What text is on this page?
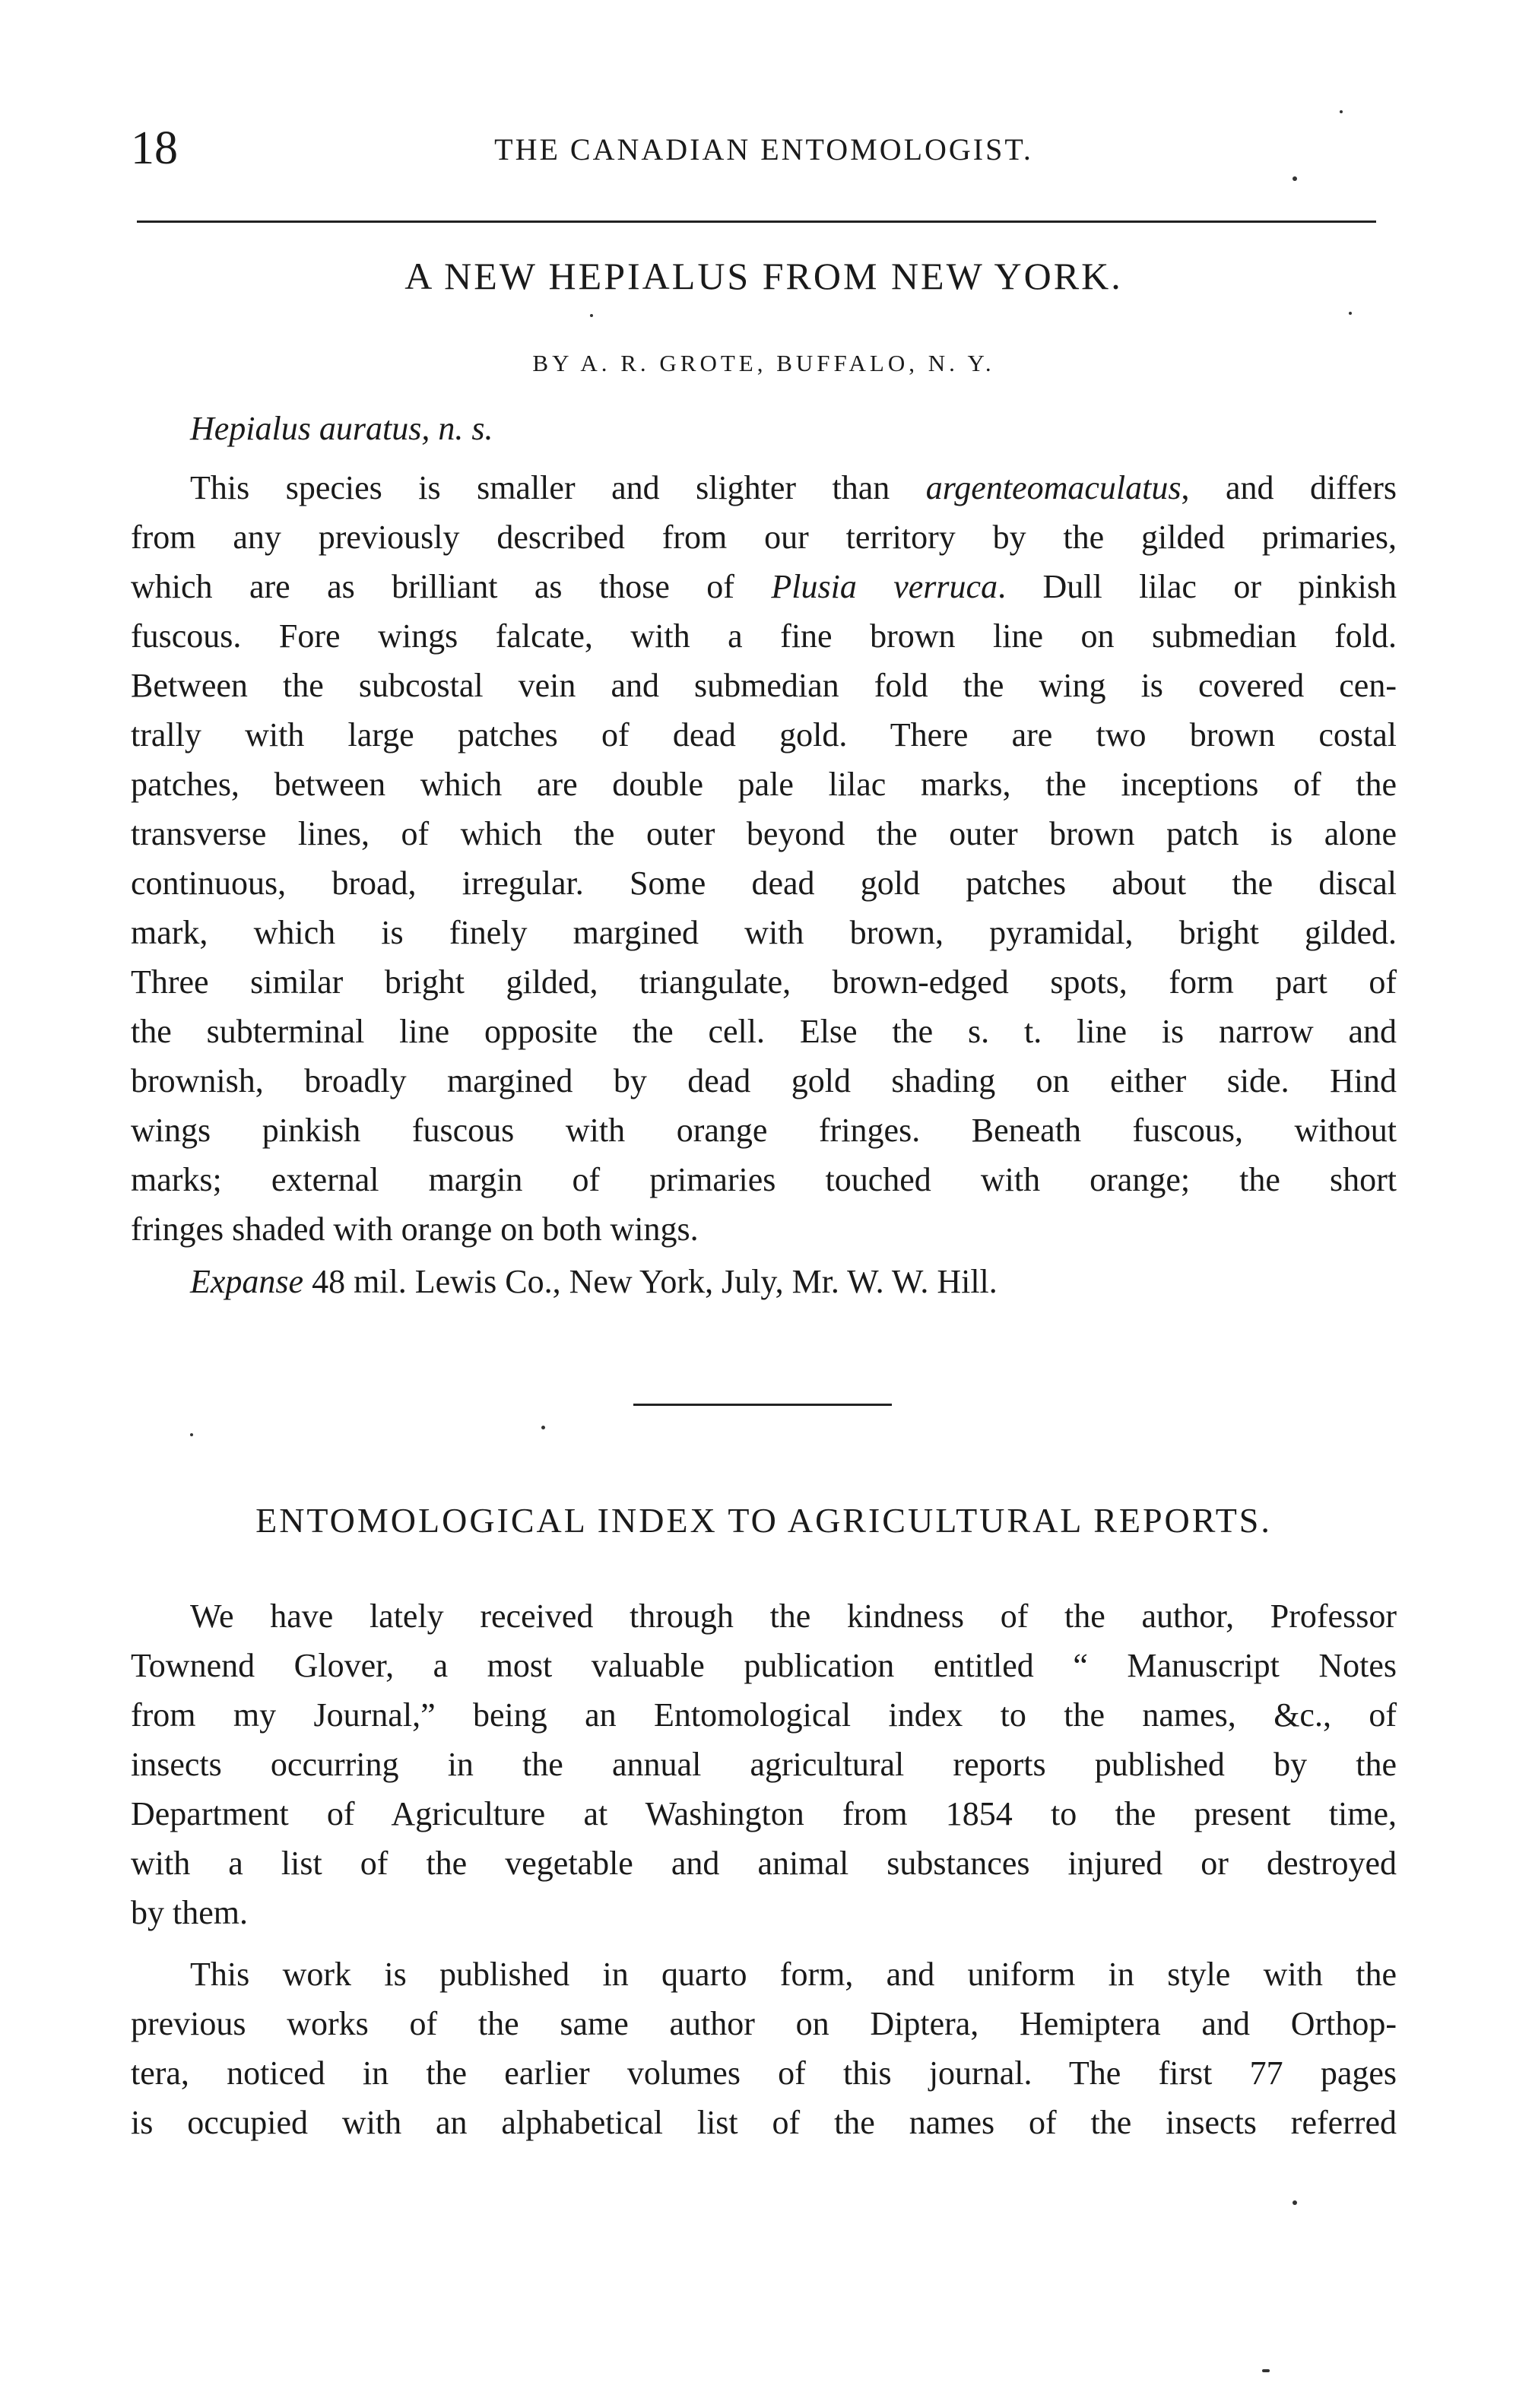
18	THE CANADIAN ENTOMOLOGIST.
A NEW HEPIALUS FROM NEW YORK.
BY A. R. GROTE, BUFFALO, N. Y.
Hepialus auratus, n. s.
This species is smaller and slighter than argenteomaculatus, and differs
from any previously described from our territory by the gilded primaries,
which are as brilliant as those of Plusia verruca. Dull lilac or pinkish
fuscous. Fore wings falcate, with a fine brown line on submedian fold.
Between the subcostal vein and submedian fold the wing is covered cen-
trally with large patches of dead gold. There are two brown costal
patches, between which are double pale lilac marks, the inceptions of the
transverse lines, of which the outer beyond the outer brown patch is alone
continuous, broad, irregular. Some dead gold patches about the discal
mark, which is finely margined with brown, pyramidal, bright gilded.
Three similar bright gilded, triangulate, brown-edged spots, form part of
the subterminal line opposite the cell. Else the s. t. line is narrow and
brownish, broadly margined by dead gold shading on either side. Hind
wings pinkish fuscous with orange fringes. Beneath fuscous, without
marks; external margin of primaries touched with orange; the short
fringes shaded with orange on both wings.
Expanse 48 mil. Lewis Co., New York, July, Mr. W. W. Hill.
ENTOMOLOGICAL INDEX TO AGRICULTURAL REPORTS.
We have lately received through the kindness of the author, Professor
Townend Glover, a most valuable publication entitled “ Manuscript Notes
from my Journal,” being an Entomological index to the names, &c., of
insects occurring in the annual agricultural reports published by the
Department of Agriculture at Washington from 1854 to the present time,
with a list of the vegetable and animal substances injured or destroyed
by them.
This work is published in quarto form, and uniform in style with the
previous works of the same author on Diptera, Hemiptera and Orthop-
tera, noticed in the earlier volumes of this journal. The first 77 pages
is occupied with an alphabetical list of the names of the insects referred
